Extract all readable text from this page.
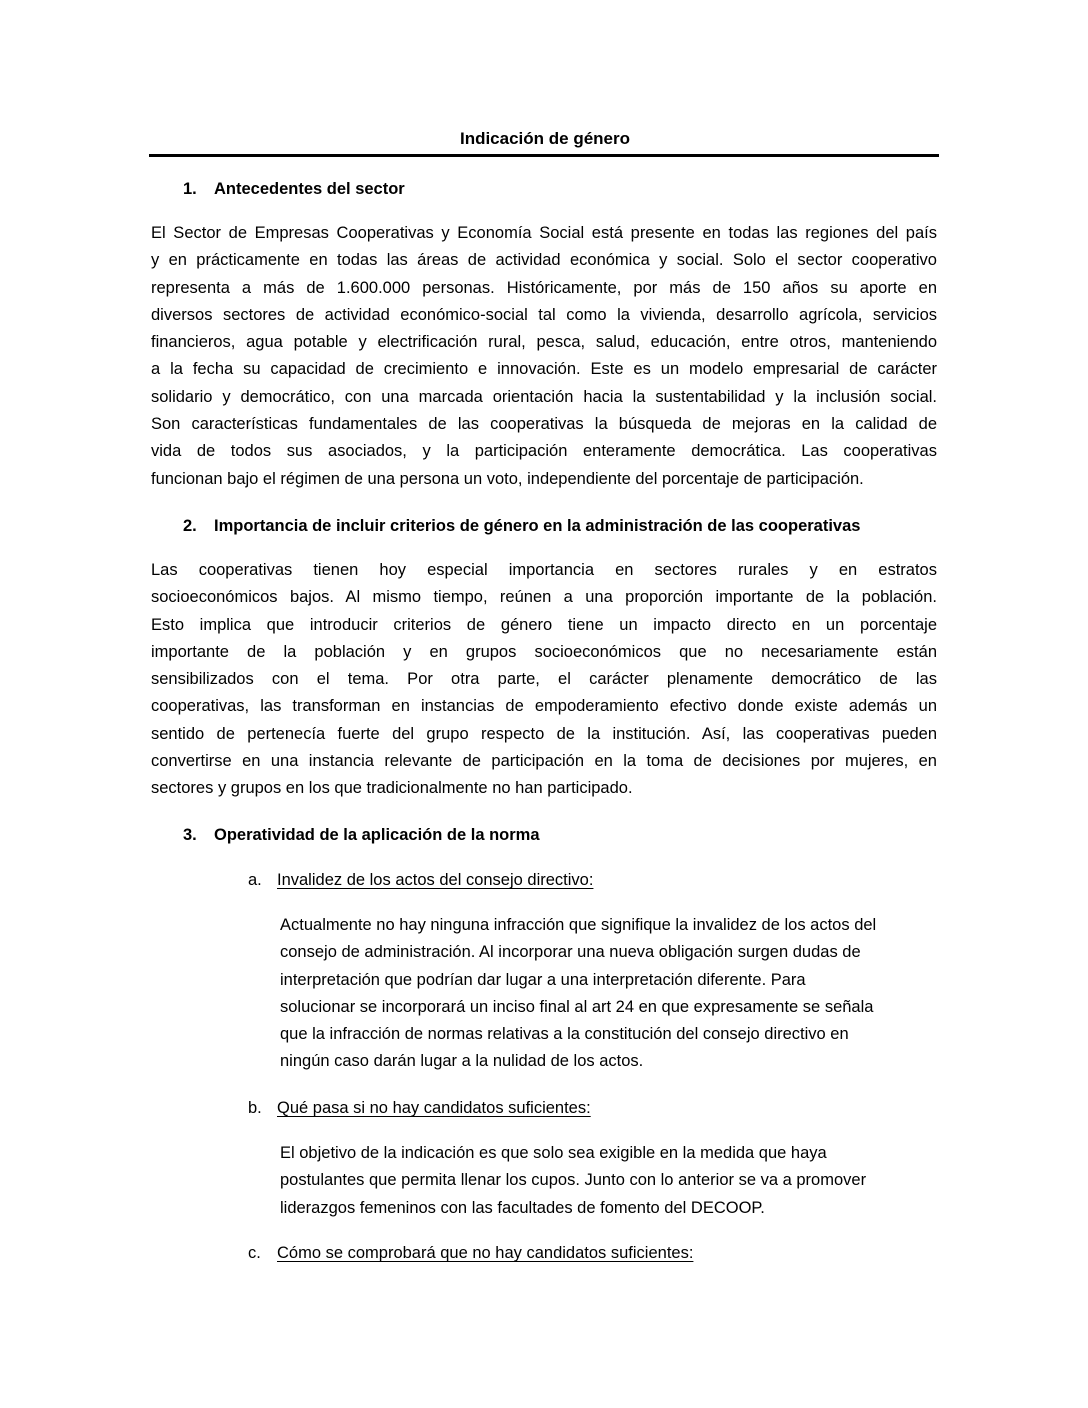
Indicación de género
1. Antecedentes del sector
El Sector de Empresas Cooperativas y Economía Social está presente en todas las regiones del país
y en prácticamente en todas las áreas de actividad económica y social. Solo el sector cooperativo
representa a más de 1.600.000 personas. Históricamente, por más de 150 años su aporte en
diversos sectores de actividad económico-social tal como la vivienda, desarrollo agrícola, servicios
financieros, agua potable y electrificación rural, pesca, salud, educación, entre otros, manteniendo
a la fecha su capacidad de crecimiento e innovación. Este es un modelo empresarial de carácter
solidario y democrático, con una marcada orientación hacia la sustentabilidad y la inclusión social.
Son características fundamentales de las cooperativas la búsqueda de mejoras en la calidad de
vida de todos sus asociados, y la participación enteramente democrática. Las cooperativas
funcionan bajo el régimen de una persona un voto, independiente del porcentaje de participación.
2. Importancia de incluir criterios de género en la administración de las cooperativas
Las cooperativas tienen hoy especial importancia en sectores rurales y en estratos
socioeconómicos bajos. Al mismo tiempo, reúnen a una proporción importante de la población.
Esto implica que introducir criterios de género tiene un impacto directo en un porcentaje
importante de la población y en grupos socioeconómicos que no necesariamente están
sensibilizados con el tema. Por otra parte, el carácter plenamente democrático de las
cooperativas, las transforman en instancias de empoderamiento efectivo donde existe además un
sentido de pertenecía fuerte del grupo respecto de la institución. Así, las cooperativas pueden
convertirse en una instancia relevante de participación en la toma de decisiones por mujeres, en
sectores y grupos en los que tradicionalmente no han participado.
3. Operatividad de la aplicación de la norma
a. Invalidez de los actos del consejo directivo:
Actualmente no hay ninguna infracción que signifique la invalidez de los actos del
consejo de administración. Al incorporar una nueva obligación surgen dudas de
interpretación que podrían dar lugar a una interpretación diferente. Para
solucionar se incorporará un inciso final al art 24 en que expresamente se señala
que la infracción de normas relativas a la constitución del consejo directivo en
ningún caso darán lugar a la nulidad de los actos.
b. Qué pasa si no hay candidatos suficientes:
El objetivo de la indicación es que solo sea exigible en la medida que haya
postulantes que permita llenar los cupos. Junto con lo anterior se va a promover
liderazgos femeninos con las facultades de fomento del DECOOP.
c. Cómo se comprobará que no hay candidatos suficientes:
